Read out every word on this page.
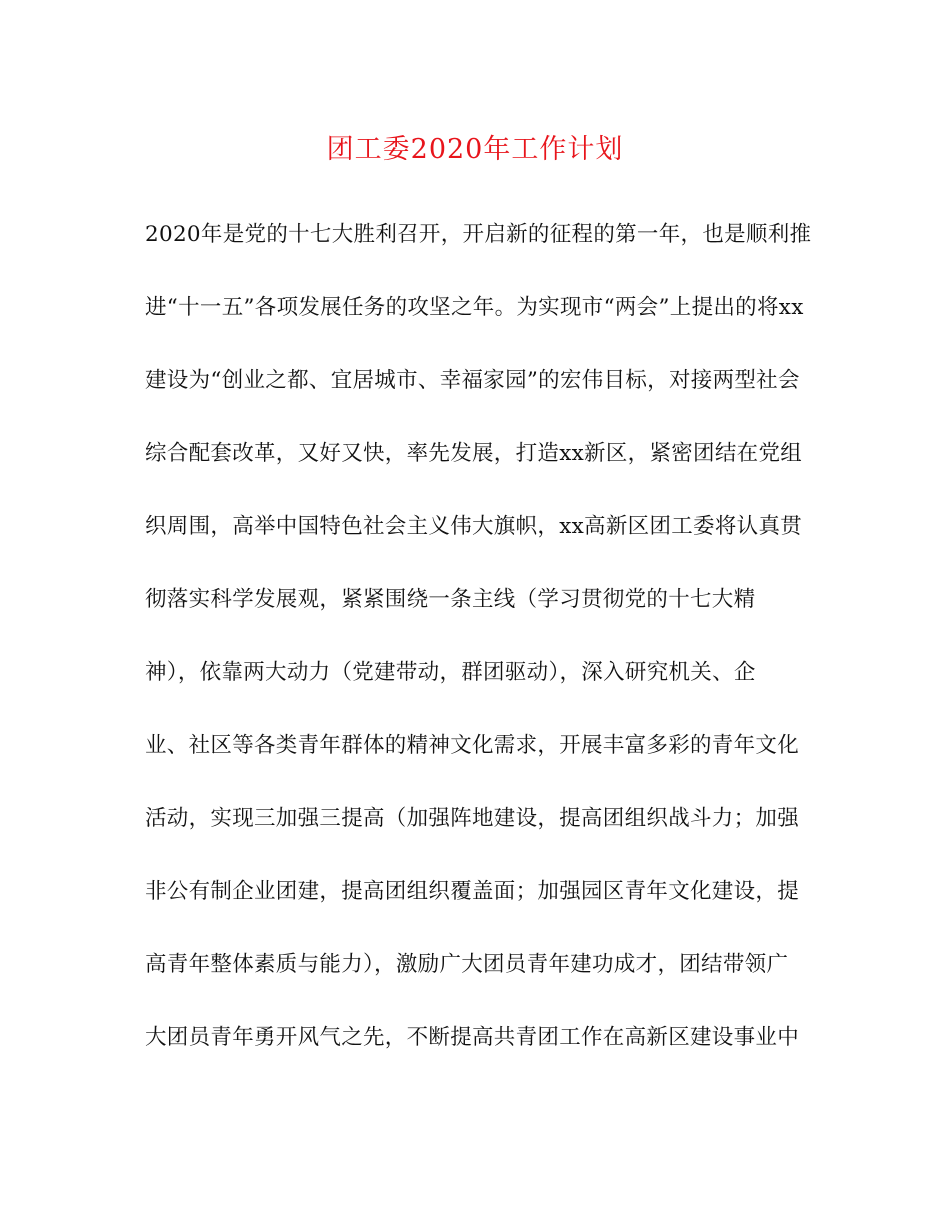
团工委2020年工作计划
2020年是党的十七大胜利召开，开启新的征程的第一年，也是顺利推
进“十一五”各项发展任务的攻坚之年。为实现市“两会”上提出的将xx
建设为“创业之都、宜居城市、幸福家园”的宏伟目标，对接两型社会
综合配套改革，又好又快，率先发展，打造xx新区，紧密团结在党组
织周围，高举中国特色社会主义伟大旗帜，xx高新区团工委将认真贯
彻落实科学发展观，紧紧围绕一条主线（学习贯彻党的十七大精
神），依靠两大动力（党建带动，群团驱动），深入研究机关、企
业、社区等各类青年群体的精神文化需求，开展丰富多彩的青年文化
活动，实现三加强三提高（加强阵地建设，提高团组织战斗力；加强
非公有制企业团建，提高团组织覆盖面；加强园区青年文化建设，提
高青年整体素质与能力），激励广大团员青年建功成才，团结带领广
大团员青年勇开风气之先，不断提高共青团工作在高新区建设事业中
